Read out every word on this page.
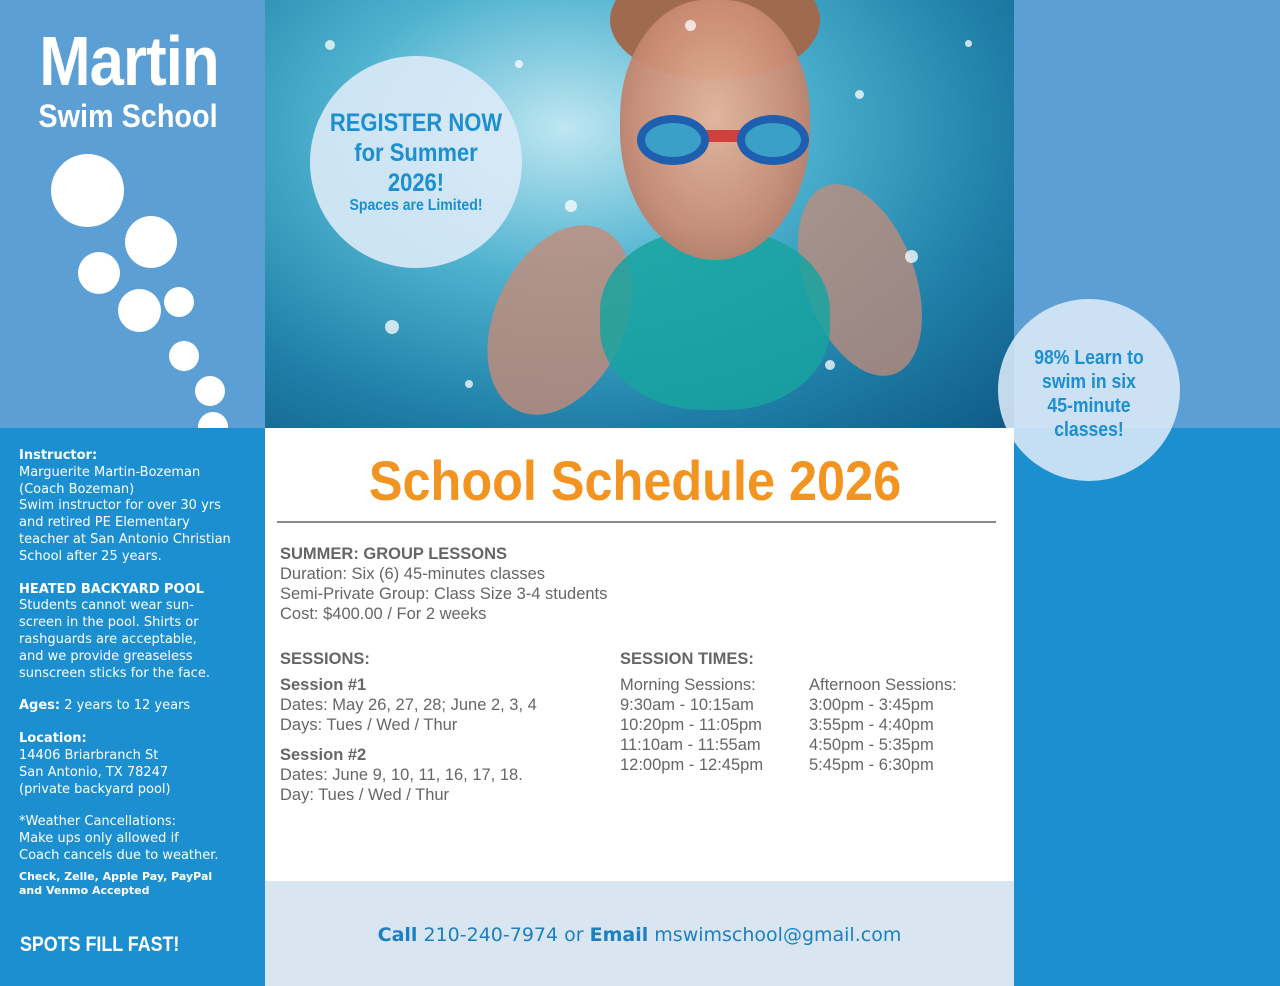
Martin
Swim School
Instructor:
Marguerite Martin-Bozeman
(Coach Bozeman)
Swim instructor for over 30 yrs
and retired PE Elementary
teacher at San Antonio Christian
School after 25 years.
HEATED BACKYARD POOL
Students cannot wear sun-
screen in the pool. Shirts or
rashguards are acceptable,
and we provide greaseless
sunscreen sticks for the face.
Ages: 2 years to 12 years
Location:
14406 Briarbranch St
San Antonio, TX 78247
(private backyard pool)
*Weather Cancellations:
Make ups only allowed if
Coach cancels due to weather.
Check, Zelle, Apple Pay, PayPal
and Venmo Accepted
SPOTS FILL FAST!
REGISTER NOW
for Summer
2026!
Spaces are Limited!
98% Learn to
swim in six
45-minute
classes!
School Schedule 2026
SUMMER: GROUP LESSONS
Duration: Six (6) 45-minutes classes
Semi-Private Group: Class Size 3-4 students
Cost: $400.00 / For 2 weeks
SESSIONS:
Session #1
Dates: May 26, 27, 28; June 2, 3, 4
Days: Tues / Wed / Thur
Session #2
Dates: June 9, 10, 11, 16, 17, 18.
Day: Tues / Wed / Thur
SESSION TIMES:
Morning Sessions:
9:30am - 10:15am
10:20pm - 11:05pm
11:10am - 11:55am
12:00pm - 12:45pm
Afternoon Sessions:
3:00pm - 3:45pm
3:55pm - 4:40pm
4:50pm - 5:35pm
5:45pm - 6:30pm
Call 210-240-7974 or Email mswimschool@gmail.com
